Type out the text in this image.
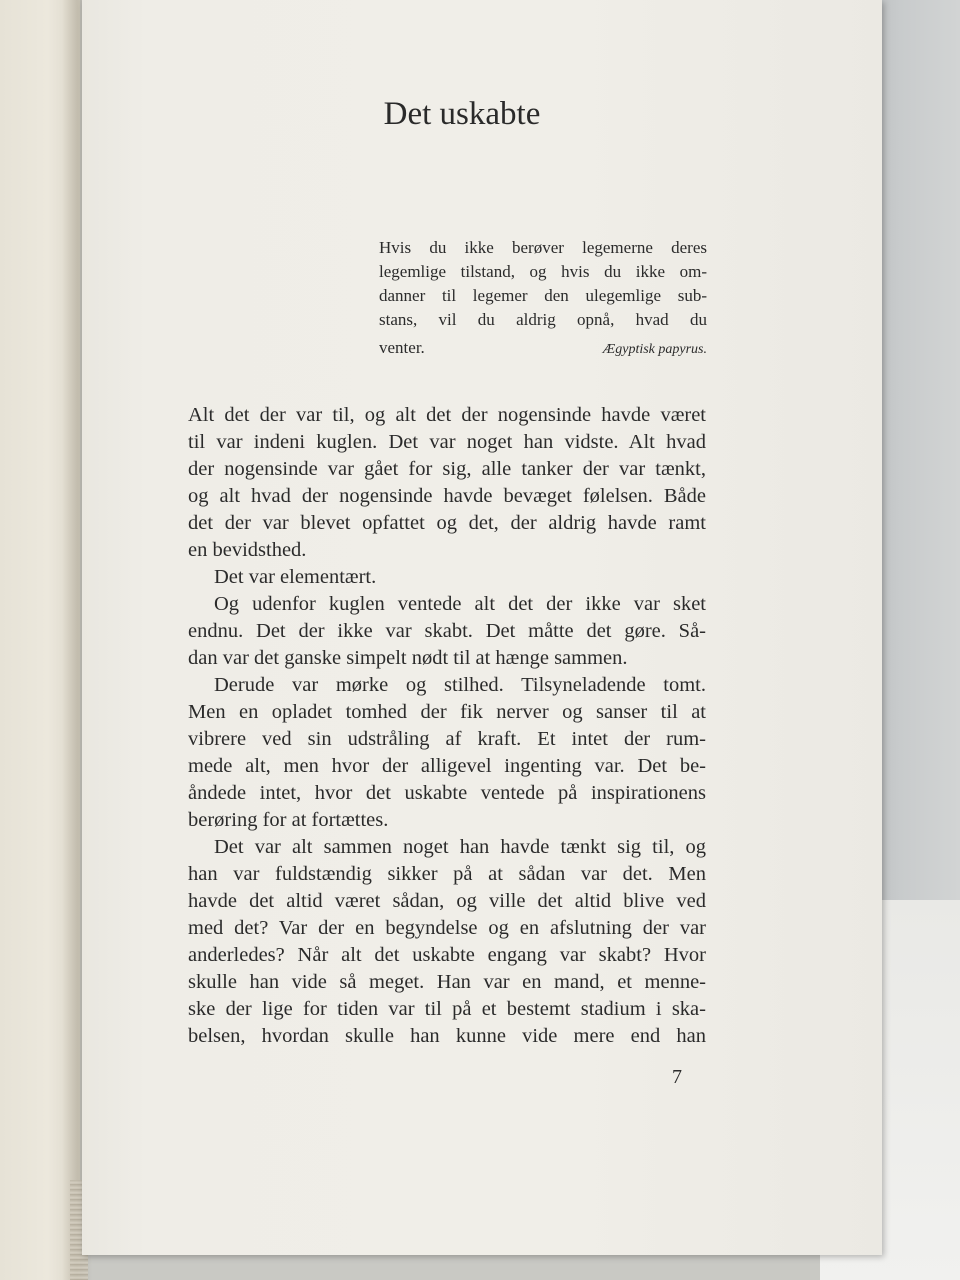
Det uskabte
Hvis du ikke berøver legemerne deres
legemlige tilstand, og hvis du ikke om-
danner til legemer den ulegemlige sub-
stans, vil du aldrig opnå, hvad du
venter.	Ægyptisk papyrus.
Alt det der var til, og alt det der nogensinde havde været
til var indeni kuglen. Det var noget han vidste. Alt hvad
der nogensinde var gået for sig, alle tanker der var tænkt,
og alt hvad der nogensinde havde bevæget følelsen. Både
det der var blevet opfattet og det, der aldrig havde ramt
en bevidsthed.
Det var elementært.
Og udenfor kuglen ventede alt det der ikke var sket
endnu. Det der ikke var skabt. Det måtte det gøre. Så-
dan var det ganske simpelt nødt til at hænge sammen.
Derude var mørke og stilhed. Tilsyneladende tomt.
Men en opladet tomhed der fik nerver og sanser til at
vibrere ved sin udstråling af kraft. Et intet der rum-
mede alt, men hvor der alligevel ingenting var. Det be-
åndede intet, hvor det uskabte ventede på inspirationens
berøring for at fortættes.
Det var alt sammen noget han havde tænkt sig til, og
han var fuldstændig sikker på at sådan var det. Men
havde det altid været sådan, og ville det altid blive ved
med det? Var der en begyndelse og en afslutning der var
anderledes? Når alt det uskabte engang var skabt? Hvor
skulle han vide så meget. Han var en mand, et menne-
ske der lige for tiden var til på et bestemt stadium i ska-
belsen, hvordan skulle han kunne vide mere end han
7
